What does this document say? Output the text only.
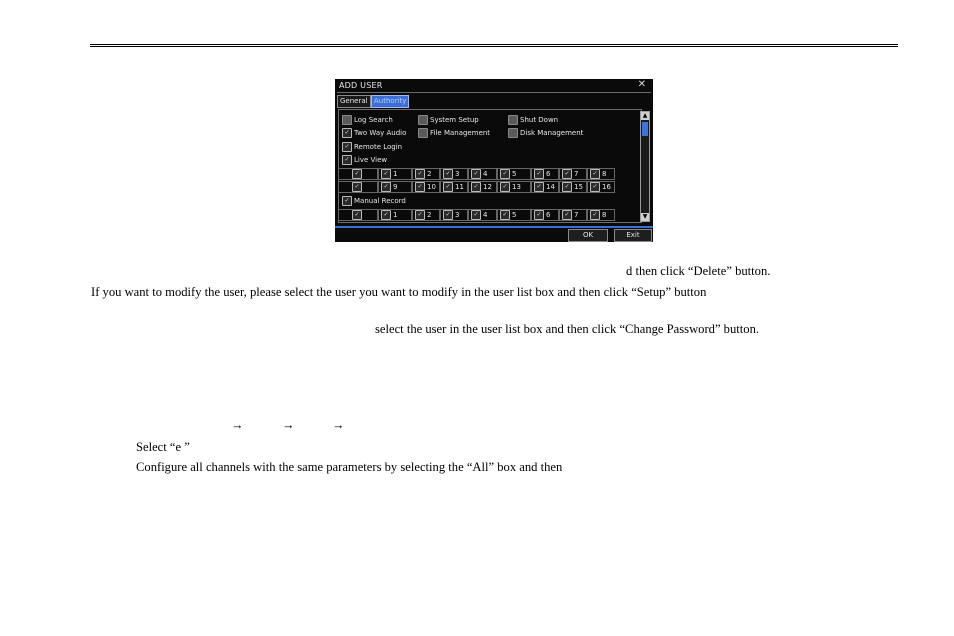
ADD USER	✕
General Authority
Log Search	System Setup	Shut Down
✓ Two Way Audio	File Management	Disk Management
✓ Remote Login
✓ Live View
✓	✓ 1	✓ 2	✓ 3	✓ 4	✓ 5	✓ 6	✓ 7	✓ 8
✓	✓ 9	✓ 10	✓ 11	✓ 12	✓ 13	✓ 14	✓ 15	✓ 16
✓ Manual Record
✓	✓ 1	✓ 2	✓ 3	✓ 4	✓ 5	✓ 6	✓ 7	✓ 8
▲
▼
OK	Exit
d then click “Delete” button.
If you want to modify the user, please select the user you want to modify in the user list box and then click “Setup” button
select the user in the user list box and then click “Change Password” button.
→	→	→
Select “e ”
Configure all channels with the same parameters by selecting the “All” box and then
